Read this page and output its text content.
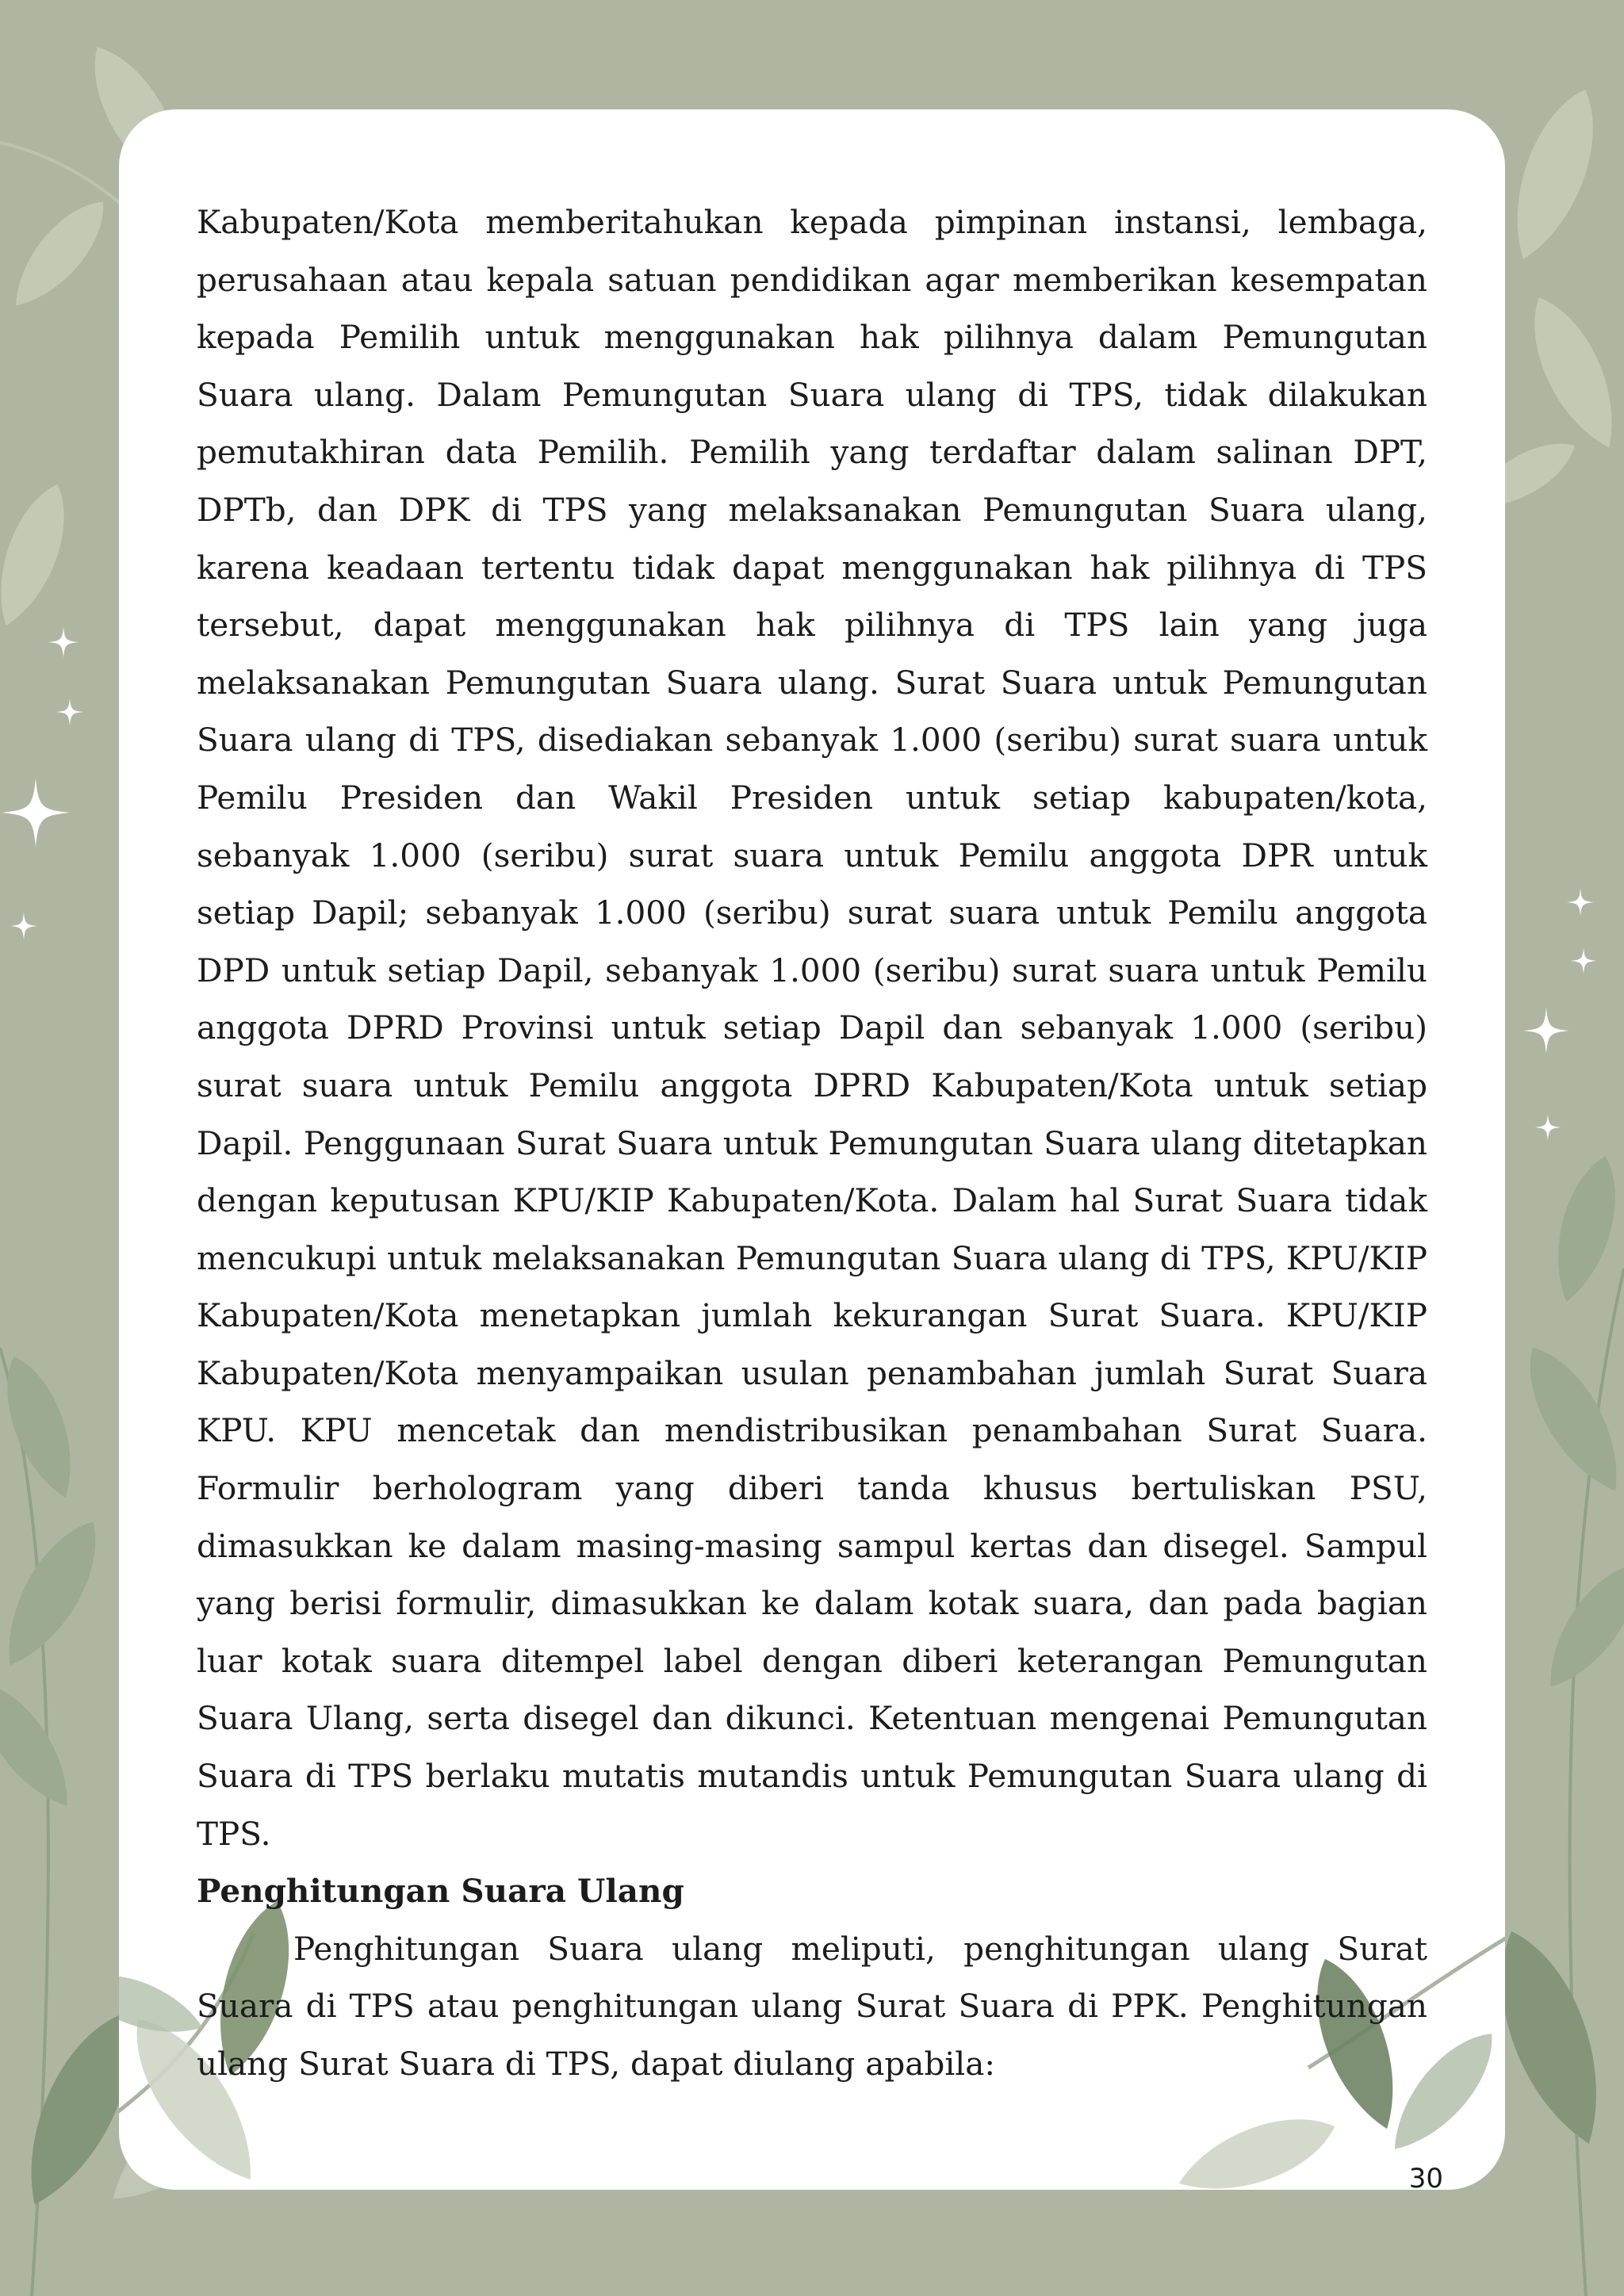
Kabupaten/Kota memberitahukan kepada pimpinan instansi, lembaga, perusahaan atau kepala satuan pendidikan agar memberikan kesempatan kepada Pemilih untuk menggunakan hak pilihnya dalam Pemungutan Suara ulang. Dalam Pemungutan Suara ulang di TPS, tidak dilakukan pemutakhiran data Pemilih. Pemilih yang terdaftar dalam salinan DPT, DPTb, dan DPK di TPS yang melaksanakan Pemungutan Suara ulang, karena keadaan tertentu tidak dapat menggunakan hak pilihnya di TPS tersebut, dapat menggunakan hak pilihnya di TPS lain yang juga melaksanakan Pemungutan Suara ulang. Surat Suara untuk Pemungutan Suara ulang di TPS, disediakan sebanyak 1.000 (seribu) surat suara untuk Pemilu Presiden dan Wakil Presiden untuk setiap kabupaten/kota, sebanyak 1.000 (seribu) surat suara untuk Pemilu anggota DPR untuk setiap Dapil; sebanyak 1.000 (seribu) surat suara untuk Pemilu anggota DPD untuk setiap Dapil, sebanyak 1.000 (seribu) surat suara untuk Pemilu anggota DPRD Provinsi untuk setiap Dapil dan sebanyak 1.000 (seribu) surat suara untuk Pemilu anggota DPRD Kabupaten/Kota untuk setiap Dapil. Penggunaan Surat Suara untuk Pemungutan Suara ulang ditetapkan dengan keputusan KPU/KIP Kabupaten/Kota. Dalam hal Surat Suara tidak mencukupi untuk melaksanakan Pemungutan Suara ulang di TPS, KPU/KIP Kabupaten/Kota menetapkan jumlah kekurangan Surat Suara. KPU/KIP Kabupaten/Kota menyampaikan usulan penambahan jumlah Surat Suara KPU. KPU mencetak dan mendistribusikan penambahan Surat Suara. Formulir berhologram yang diberi tanda khusus bertuliskan PSU, dimasukkan ke dalam masing-masing sampul kertas dan disegel. Sampul yang berisi formulir, dimasukkan ke dalam kotak suara, dan pada bagian luar kotak suara ditempel label dengan diberi keterangan Pemungutan Suara Ulang, serta disegel dan dikunci. Ketentuan mengenai Pemungutan Suara di TPS berlaku mutatis mutandis untuk Pemungutan Suara ulang di TPS.

Penghitungan Suara Ulang

Penghitungan Suara ulang meliputi, penghitungan ulang Surat Suara di TPS atau penghitungan ulang Surat Suara di PPK. Penghitungan ulang Surat Suara di TPS, dapat diulang apabila:

30
